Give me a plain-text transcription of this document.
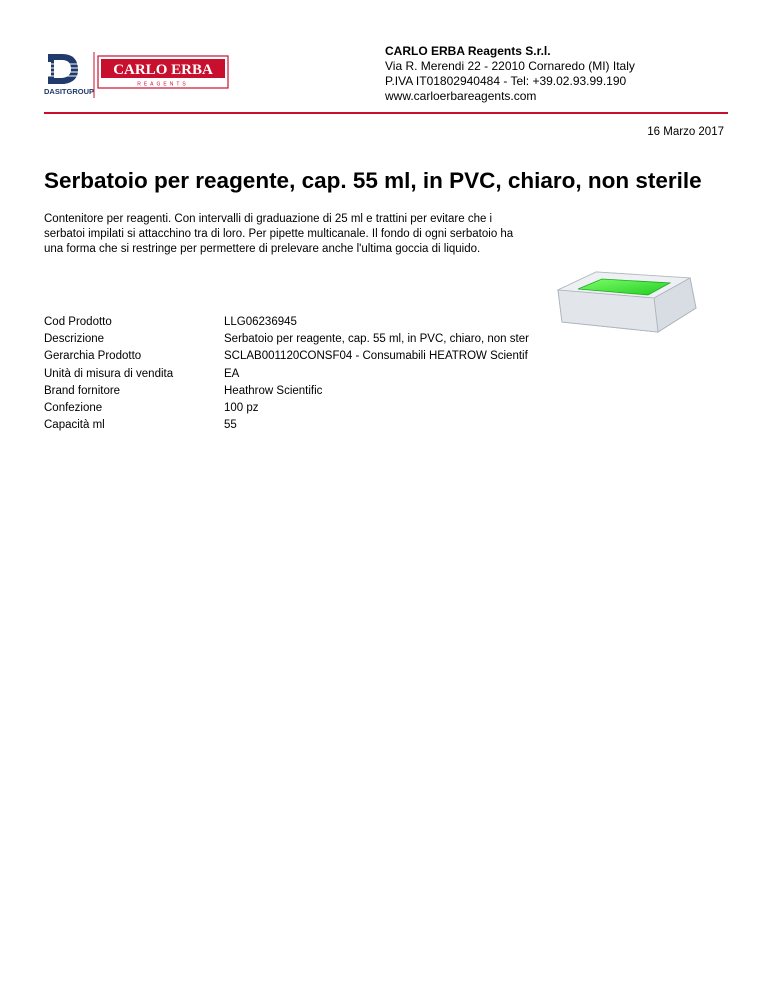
DASITGROUP
CARLO ERBA
REAGENTS
CARLO ERBA Reagents S.r.l.
Via R. Merendi 22 - 22010 Cornaredo (MI) Italy
P.IVA IT01802940484 - Tel: +39.02.93.99.190
www.carloerbareagents.com
16 Marzo 2017
Serbatoio per reagente, cap. 55 ml, in PVC, chiaro, non sterile
Contenitore per reagenti. Con intervalli di graduazione di 25 ml e trattini per evitare che i serbatoi impilati si attacchino tra di loro. Per pipette multicanale. Il fondo di ogni serbatoio ha una forma che si restringe per permettere di prelevare anche l'ultima goccia di liquido.
Cod Prodotto	LLG06236945
Descrizione	Serbatoio per reagente, cap. 55 ml, in PVC, chiaro, non ster
Gerarchia Prodotto	SCLAB001120CONSF04 - Consumabili HEATROW Scientif
Unità di misura di vendita	EA
Brand fornitore	Heathrow Scientific
Confezione	100 pz
Capacità ml	55
